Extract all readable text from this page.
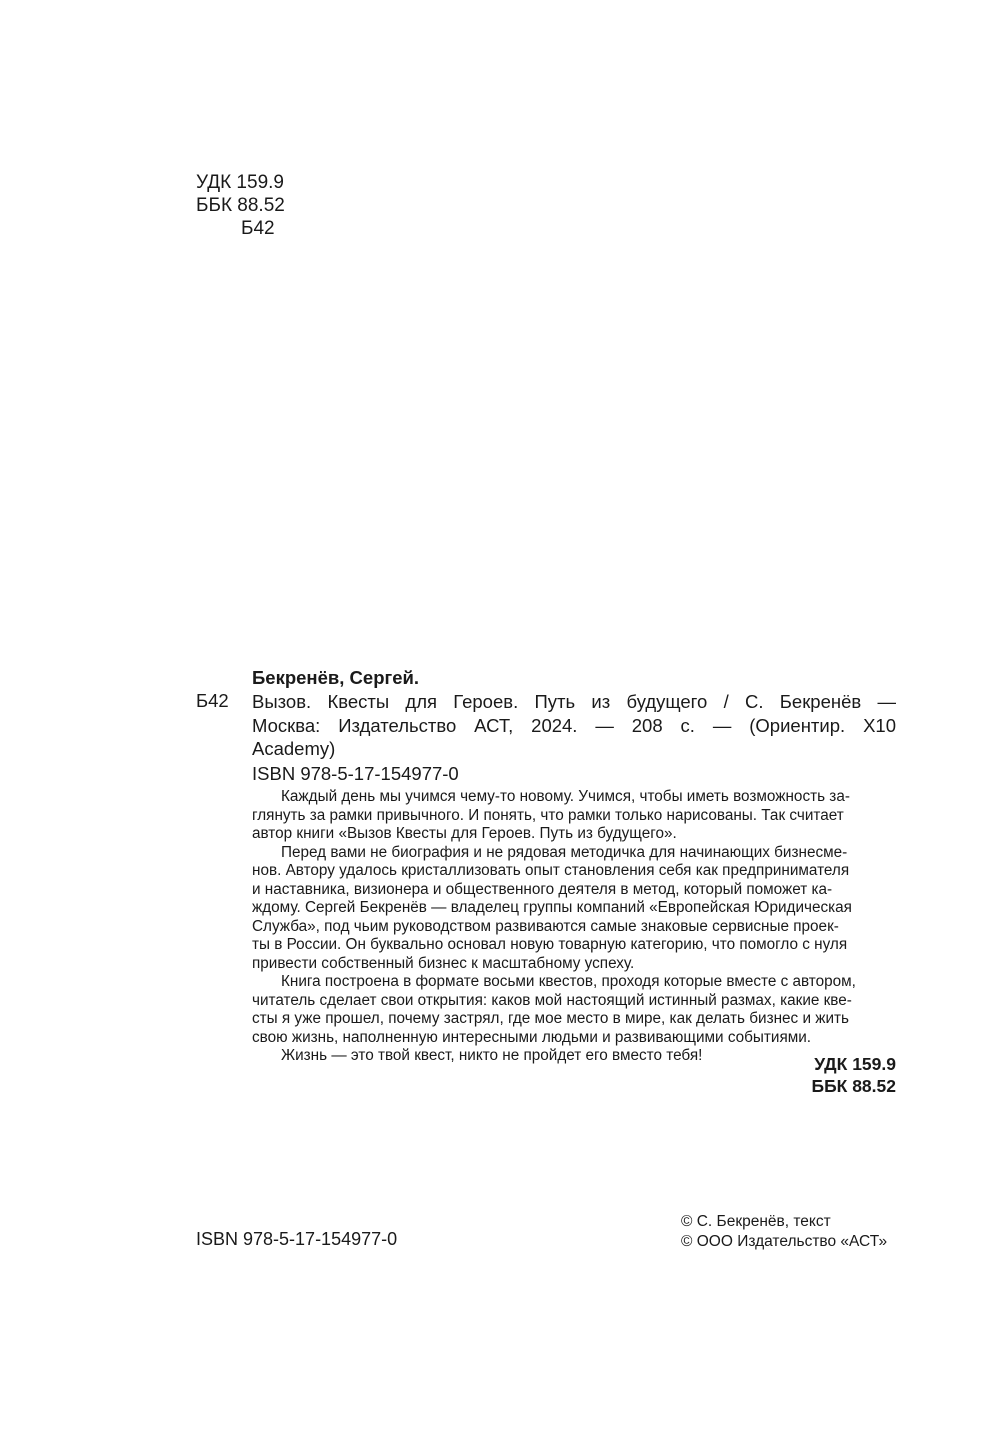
УДК 159.9
ББК 88.52
Б42
Бекренёв, Сергей.
Б42 Вызов. Квесты для Героев. Путь из будущего / С. Бекренёв —
Москва: Издательство АСТ, 2024. — 208 с. — (Ориентир. X10
Academy)
ISBN 978-5-17-154977-0
Каждый день мы учимся чему-то новому. Учимся, чтобы иметь возможность за-
глянуть за рамки привычного. И понять, что рамки только нарисованы. Так считает
автор книги «Вызов Квесты для Героев. Путь из будущего».
Перед вами не биография и не рядовая методичка для начинающих бизнесме-
нов. Автору удалось кристаллизовать опыт становления себя как предпринимателя
и наставника, визионера и общественного деятеля в метод, который поможет ка-
ждому. Сергей Бекренёв — владелец группы компаний «Европейская Юридическая
Служба», под чьим руководством развиваются самые знаковые сервисные проек-
ты в России. Он буквально основал новую товарную категорию, что помогло с нуля
привести собственный бизнес к масштабному успеху.
Книга построена в формате восьми квестов, проходя которые вместе с автором,
читатель сделает свои открытия: каков мой настоящий истинный размах, какие кве-
сты я уже прошел, почему застрял, где мое место в мире, как делать бизнес и жить
свою жизнь, наполненную интересными людьми и развивающими событиями.
Жизнь — это твой квест, никто не пройдет его вместо тебя!	УДК 159.9
ББК 88.52
ISBN 978-5-17-154977-0
© С. Бекренёв, текст
© ООО Издательство «АСТ»
